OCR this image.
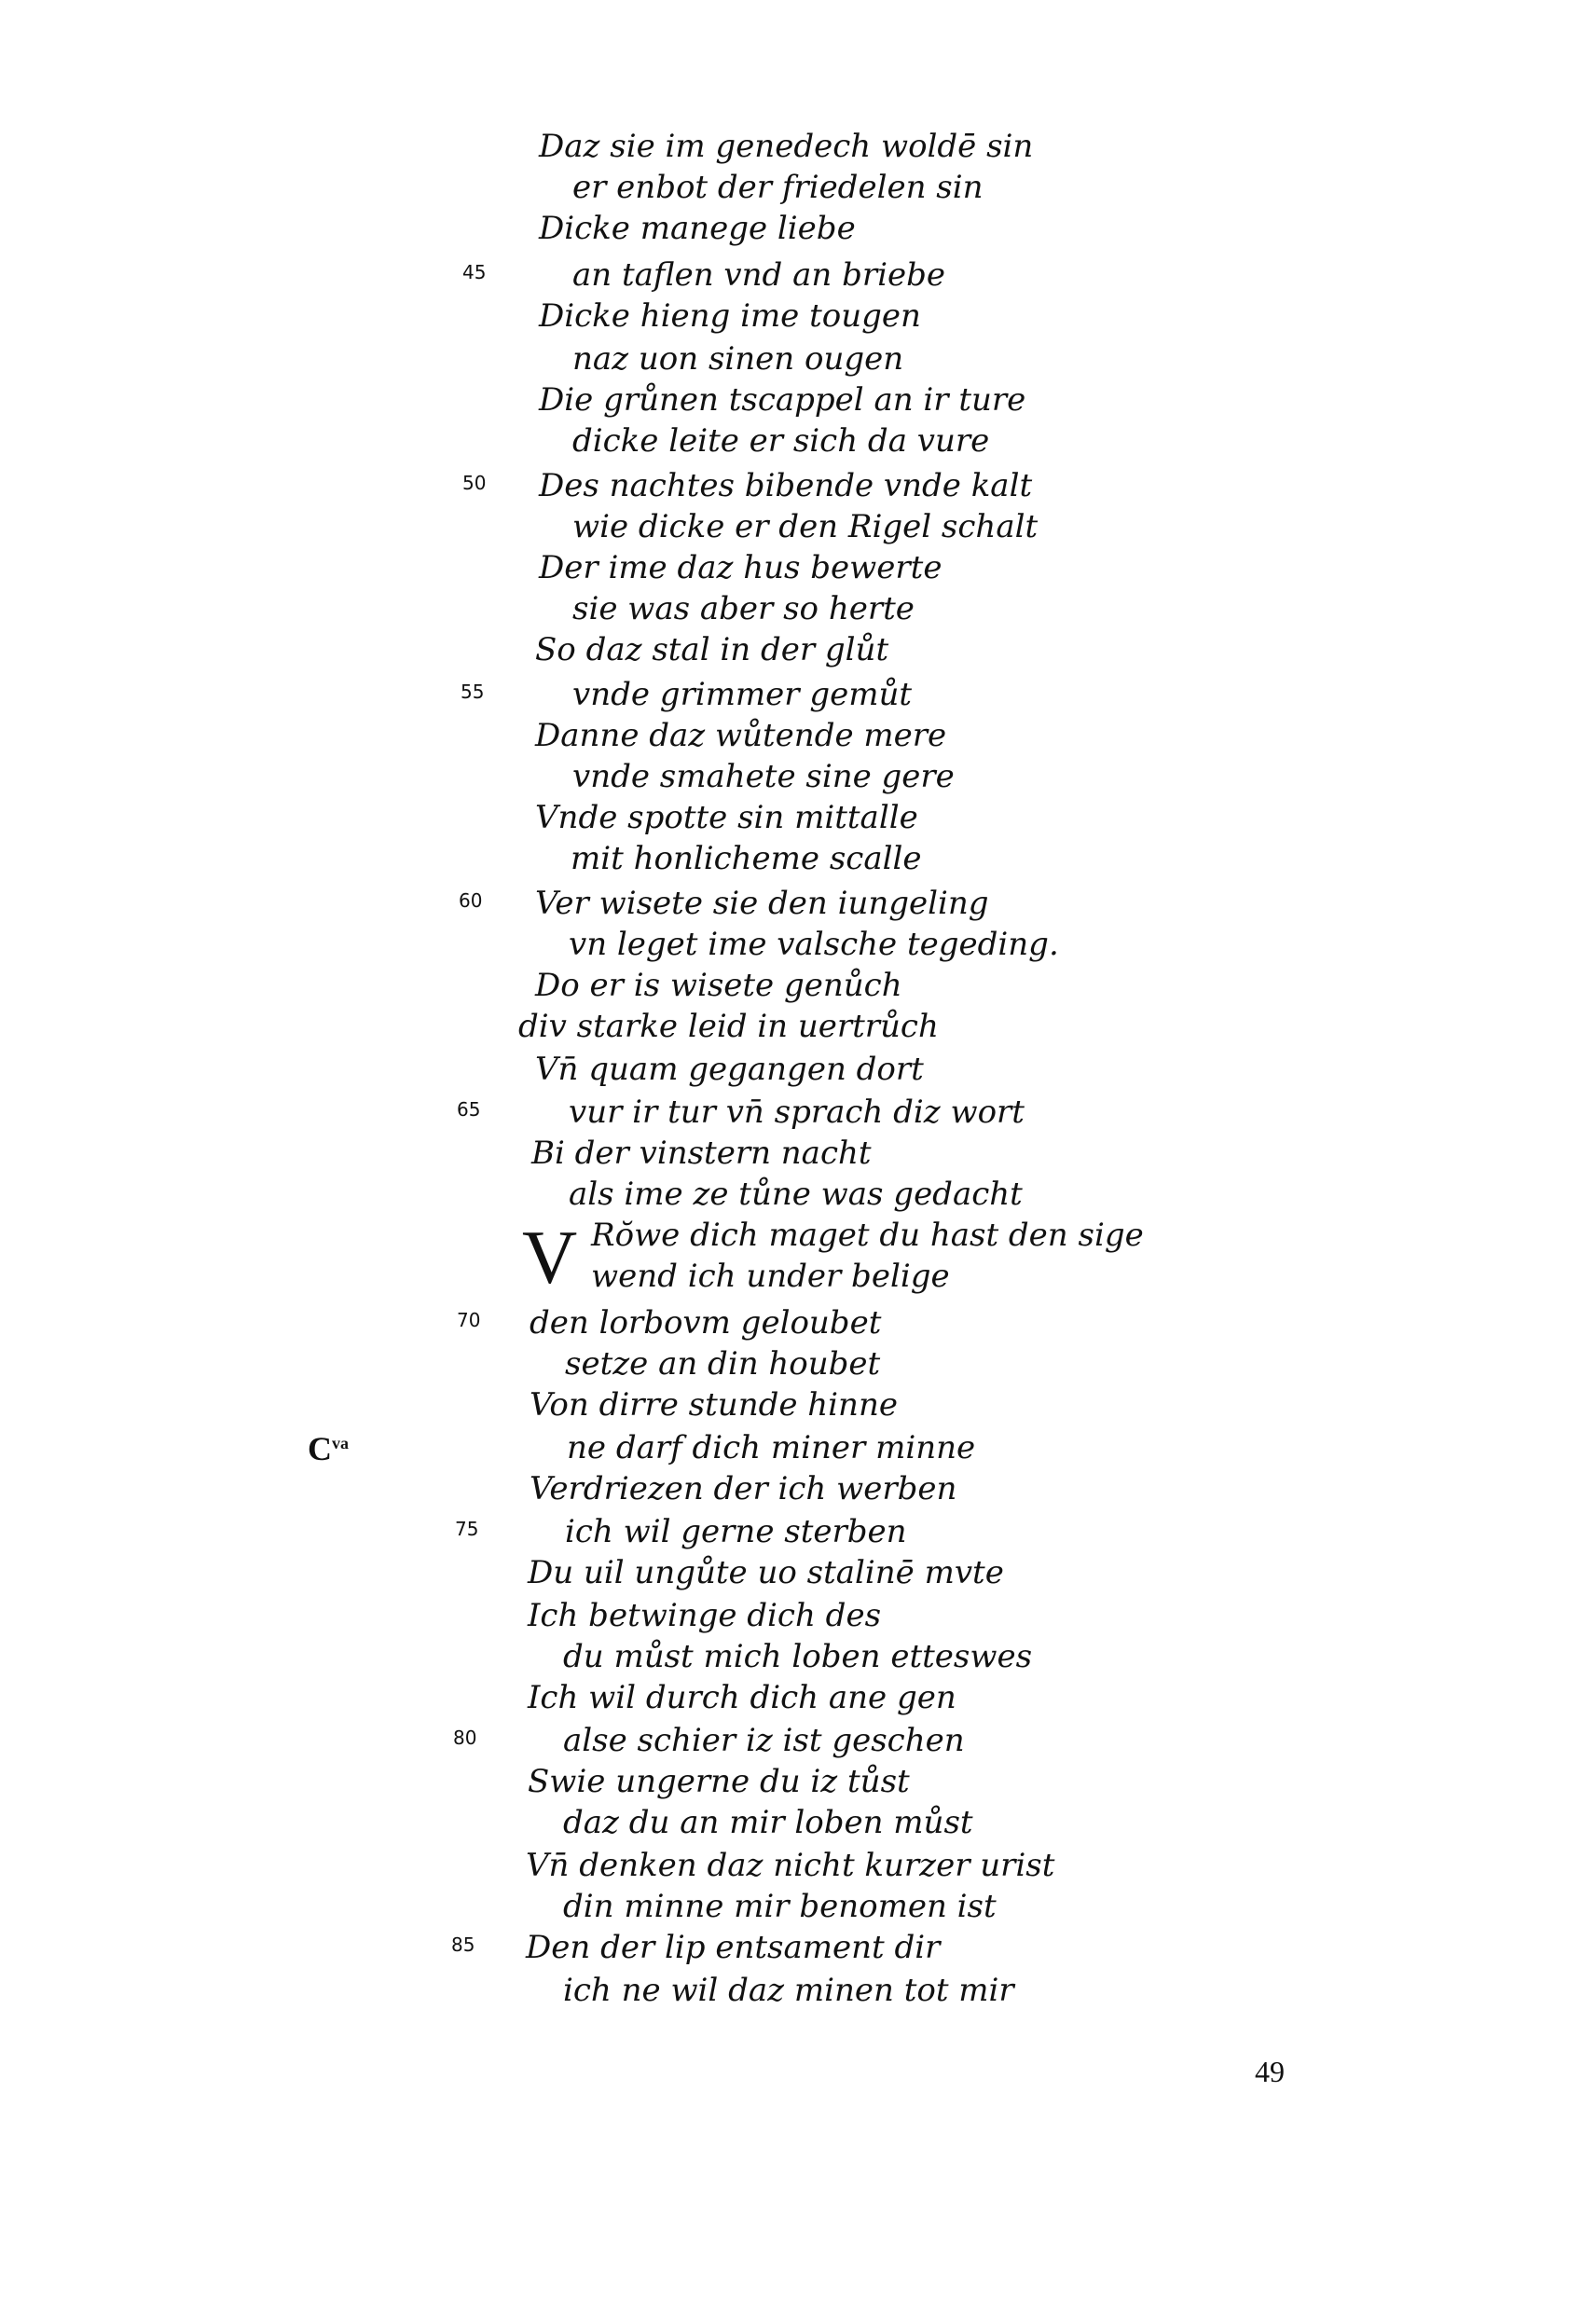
Daz sie im genedech woldē sin
er enbot der friedelen sin
Dicke manege liebe
an taflen vnd an briebe
Dicke hieng ime tougen
naz uon sinen ougen
Die grůnen tscappel an ir ture
dicke leite er sich da vure
Des nachtes bibende vnde kalt
wie dicke er den Rigel schalt
Der ime daz hus bewerte
sie was aber so herte
So daz stal in der glůt
vnde grimmer gemůt
Danne daz wůtende mere
vnde smahete sine gere
Vnde spotte sin mittalle
mit honlicheme scalle
Ver wisete sie den iungeling
vn leget ime valsche tegeding.
Do er is wisete genůch
div starke leid in uertrůch
Vn̄ quam gegangen dort
vur ir tur vn̄ sprach diz wort
Bi der vinstern nacht
als ime ze tůne was gedacht
V Rŏwe dich maget du hast den sige
wend ich under belige
den lorbovm geloubet
setze an din houbet
Von dirre stunde hinne
ne darf dich miner minne
Verdriezen der ich werben
ich wil gerne sterben
Du uil ungůte uo stalinē mvte
Ich betwinge dich des
du můst mich loben etteswes
Ich wil durch dich ane gen
alse schier iz ist geschen
Swie ungerne du iz tůst
daz du an mir loben můst
Vn̄ denken daz nicht kurzer urist
din minne mir benomen ist
Den der lip entsament dir
ich ne wil daz minen tot mir
45
50
55
60
65
70
75
80
85
$C^{va}$
49
